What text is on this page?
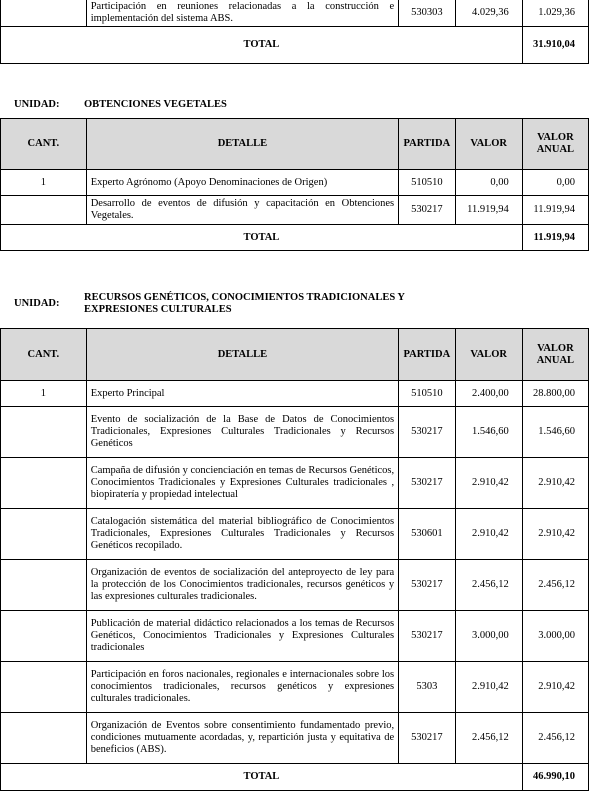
	Participación en reuniones relacionadas a la construcción e implementación del sistema ABS.	530303	4.029,36	1.029,36
TOTAL				31.910,04
UNIDAD:	OBTENCIONES VEGETALES
CANT.	DETALLE	PARTIDA	VALOR	VALOR ANUAL
1	Experto Agrónomo (Apoyo Denominaciones de Origen)	510510	0,00	0,00
	Desarrollo de eventos de difusión y capacitación en Obtenciones Vegetales.	530217	11.919,94	11.919,94
TOTAL				11.919,94
UNIDAD:
RECURSOS GENÉTICOS, CONOCIMIENTOS TRADICIONALES Y EXPRESIONES CULTURALES
CANT.	DETALLE	PARTIDA	VALOR	VALOR ANUAL
1	Experto Principal	510510	2.400,00	28.800,00
	Evento de socialización de la Base de Datos de Conocimientos Tradicionales, Expresiones Culturales Tradicionales y Recursos Genéticos	530217	1.546,60	1.546,60
	Campaña de difusión y concienciación en temas de Recursos Genéticos, Conocimientos Tradicionales y Expresiones Culturales tradicionales , biopiratería y propiedad intelectual	530217	2.910,42	2.910,42
	Catalogación sistemática del material bibliográfico de Conocimientos Tradicionales, Expresiones Culturales Tradicionales y Recursos Genéticos recopilado.	530601	2.910,42	2.910,42
	Organización de eventos de socialización del anteproyecto de ley para la protección de los Conocimientos tradicionales, recursos genéticos y las expresiones culturales tradicionales.	530217	2.456,12	2.456,12
	Publicación de material didáctico relacionados a los temas de Recursos Genéticos, Conocimientos Tradicionales y Expresiones Culturales tradicionales	530217	3.000,00	3.000,00
	Participación en foros nacionales, regionales e internacionales sobre los conocimientos tradicionales, recursos genéticos y expresiones culturales tradicionales.	5303	2.910,42	2.910,42
	Organización de Eventos sobre consentimiento fundamentado previo, condiciones mutuamente acordadas, y, repartición justa y equitativa de beneficios (ABS).	530217	2.456,12	2.456,12
TOTAL				46.990,10
